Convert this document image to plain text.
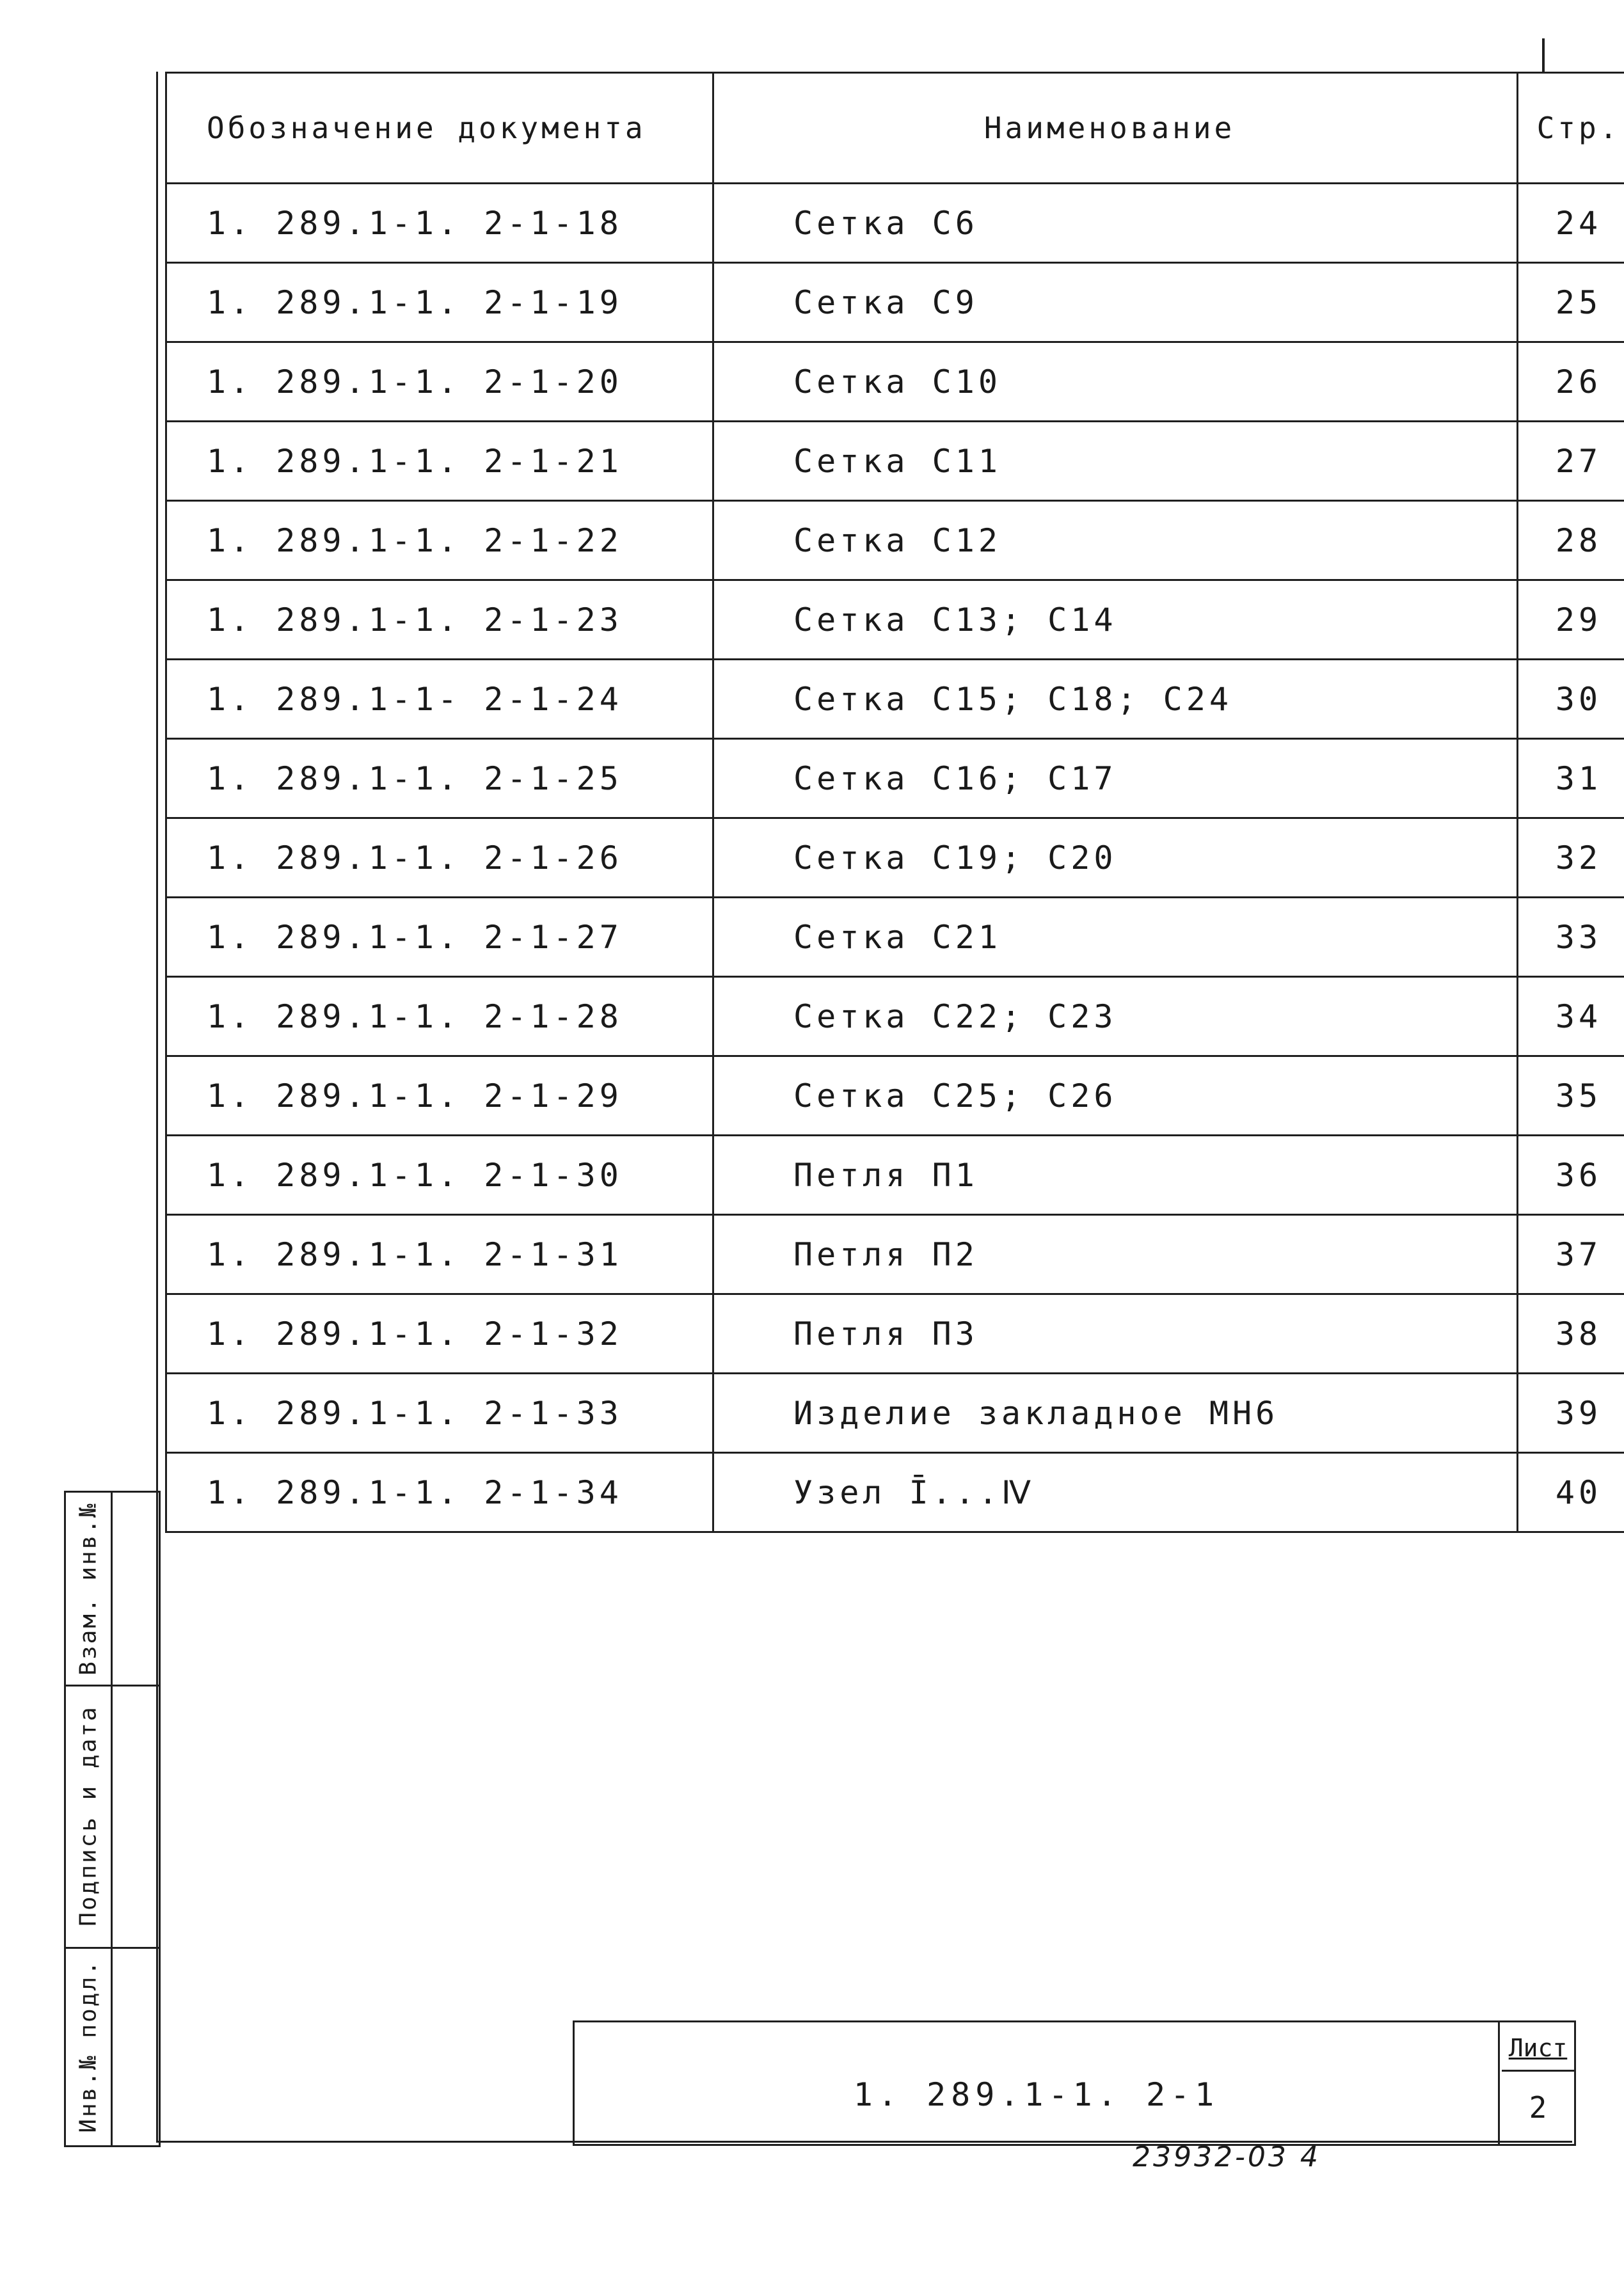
Обозначение документа	Наименование	Стр.
1. 289.1-1. 2-1-18	Сетка С6	24
1. 289.1-1. 2-1-19	Сетка С9	25
1. 289.1-1. 2-1-20	Сетка С10	26
1. 289.1-1. 2-1-21	Сетка С11	27
1. 289.1-1. 2-1-22	Сетка С12	28
1. 289.1-1. 2-1-23	Сетка С13; С14	29
1. 289.1-1- 2-1-24	Сетка С15; С18; С24	30
1. 289.1-1. 2-1-25	Сетка С16; С17	31
1. 289.1-1. 2-1-26	Сетка С19; С20	32
1. 289.1-1. 2-1-27	Сетка С21	33
1. 289.1-1. 2-1-28	Сетка С22; С23	34
1. 289.1-1. 2-1-29	Сетка С25; С26	35
1. 289.1-1. 2-1-30	Петля П1	36
1. 289.1-1. 2-1-31	Петля П2	37
1. 289.1-1. 2-1-32	Петля П3	38
1. 289.1-1. 2-1-33	Изделие закладное МН6	39
1. 289.1-1. 2-1-34	Узел Ī...Ⅳ	40
Взам. инв.№
Подпись и дата
Инв.№ подл.	1. 289.1-1. 2-1
Лист
2
23932-03 4
